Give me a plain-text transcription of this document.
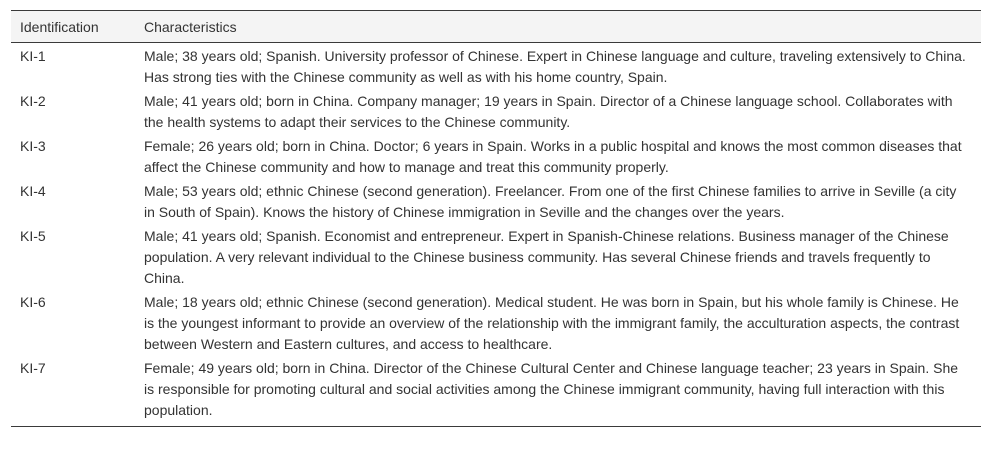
Identification	Characteristics
KI-1	Male; 38 years old; Spanish. University professor of Chinese. Expert in Chinese language and culture, traveling extensively to China. Has strong ties with the Chinese community as well as with his home country, Spain.
KI-2	Male; 41 years old; born in China. Company manager; 19 years in Spain. Director of a Chinese language school. Collaborates with the health systems to adapt their services to the Chinese community.
KI-3	Female; 26 years old; born in China. Doctor; 6 years in Spain. Works in a public hospital and knows the most common diseases that affect the Chinese community and how to manage and treat this community properly.
KI-4	Male; 53 years old; ethnic Chinese (second generation). Freelancer. From one of the first Chinese families to arrive in Seville (a city in South of Spain). Knows the history of Chinese immigration in Seville and the changes over the years.
KI-5	Male; 41 years old; Spanish. Economist and entrepreneur. Expert in Spanish-Chinese relations. Business manager of the Chinese population. A very relevant individual to the Chinese business community. Has several Chinese friends and travels frequently to China.
KI-6	Male; 18 years old; ethnic Chinese (second generation). Medical student. He was born in Spain, but his whole family is Chinese. He is the youngest informant to provide an overview of the relationship with the immigrant family, the acculturation aspects, the contrast between Western and Eastern cultures, and access to healthcare.
KI-7	Female; 49 years old; born in China. Director of the Chinese Cultural Center and Chinese language teacher; 23 years in Spain. She is responsible for promoting cultural and social activities among the Chinese immigrant community, having full interaction with this population.
